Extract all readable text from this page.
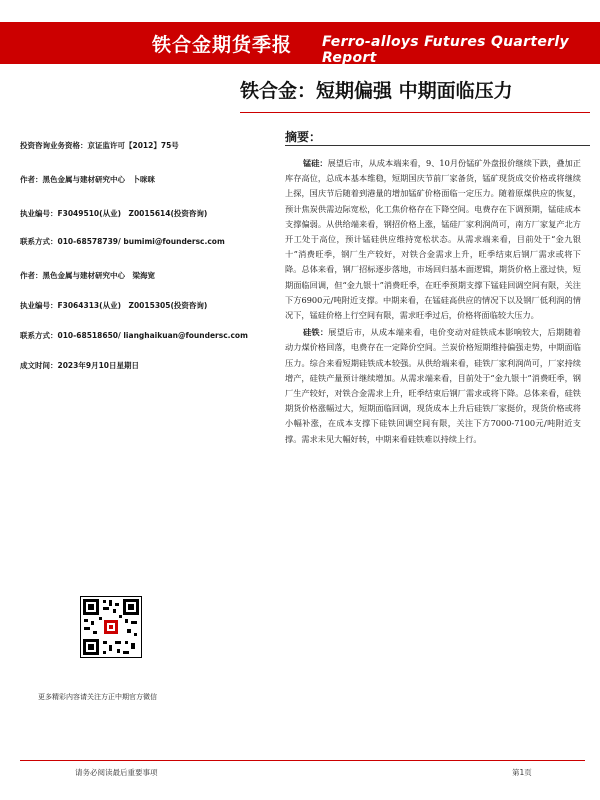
铁合金期货季报 Ferro-alloys Futures Quarterly Report
铁合金：短期偏强 中期面临压力
投资咨询业务资格：京证监许可【2012】75号
作者：黑色金属与建材研究中心　卜咪咪
执业编号：F3049510(从业)　Z0015614(投资咨询)
联系方式：010-68578739/ bumimi@foundersc.com
作者：黑色金属与建材研究中心　梁海宽
执业编号：F3064313(从业)　Z0015305(投资咨询)
联系方式：010-68518650/ lianghaikuan@foundersc.com
成文时间：2023年9月10日星期日
摘要：

锰硅：展望后市，从成本端来看，9、10月份锰矿外盘报价继续下跌，叠加正库存高位，总成本基本维稳，短期国庆节前厂家备货，锰矿现货成交价格或将继续上探，国庆节后随着到港量的增加锰矿价格面临一定压力。随着原煤供应的恢复，预计焦炭供需边际宽松，化工焦价格存在下降空间。电费存在下调预期，锰硅成本支撑偏弱。从供给端来看，钢招价格上涨，锰硅厂家利润尚可，南方厂家复产北方开工处于高位，预计锰硅供应维持宽松状态。从需求端来看，目前处于“金九银十”消费旺季，钢厂生产较好，对铁合金需求上升，旺季结束后钢厂需求或将下降。总体来看，钢厂招标逐步落地，市场回归基本面逻辑，期货价格上涨过快，短期面临回调，但“金九银十”消费旺季，在旺季预期支撑下锰硅回调空间有限，关注下方6900元/吨附近支撑。中期来看，在锰硅高供应的情况下以及钢厂低利润的情况下，锰硅价格上行空间有限，需求旺季过后，价格将面临较大压力。

硅铁：展望后市，从成本端来看，电价变动对硅铁成本影响较大，后期随着动力煤价格回落，电费存在一定降价空间。兰炭价格短期维持偏强走势，中期面临压力。综合来看短期硅铁成本较强。从供给端来看，硅铁厂家利润尚可，厂家持续增产，硅铁产量预计继续增加。从需求端来看，目前处于“金九银十”消费旺季，钢厂生产较好，对铁合金需求上升，旺季结束后钢厂需求或将下降。总体来看，硅铁期货价格涨幅过大，短期面临回调，现货成本上升后硅铁厂家挺价，现货价格或将小幅补涨，在成本支撑下硅铁回调空间有限，关注下方7000-7100元/吨附近支撑。需求未见大幅好转，中期来看硅铁难以持续上行。

更多精彩内容请关注方正中期官方微信
请务必阅读最后重要事项	第1页
